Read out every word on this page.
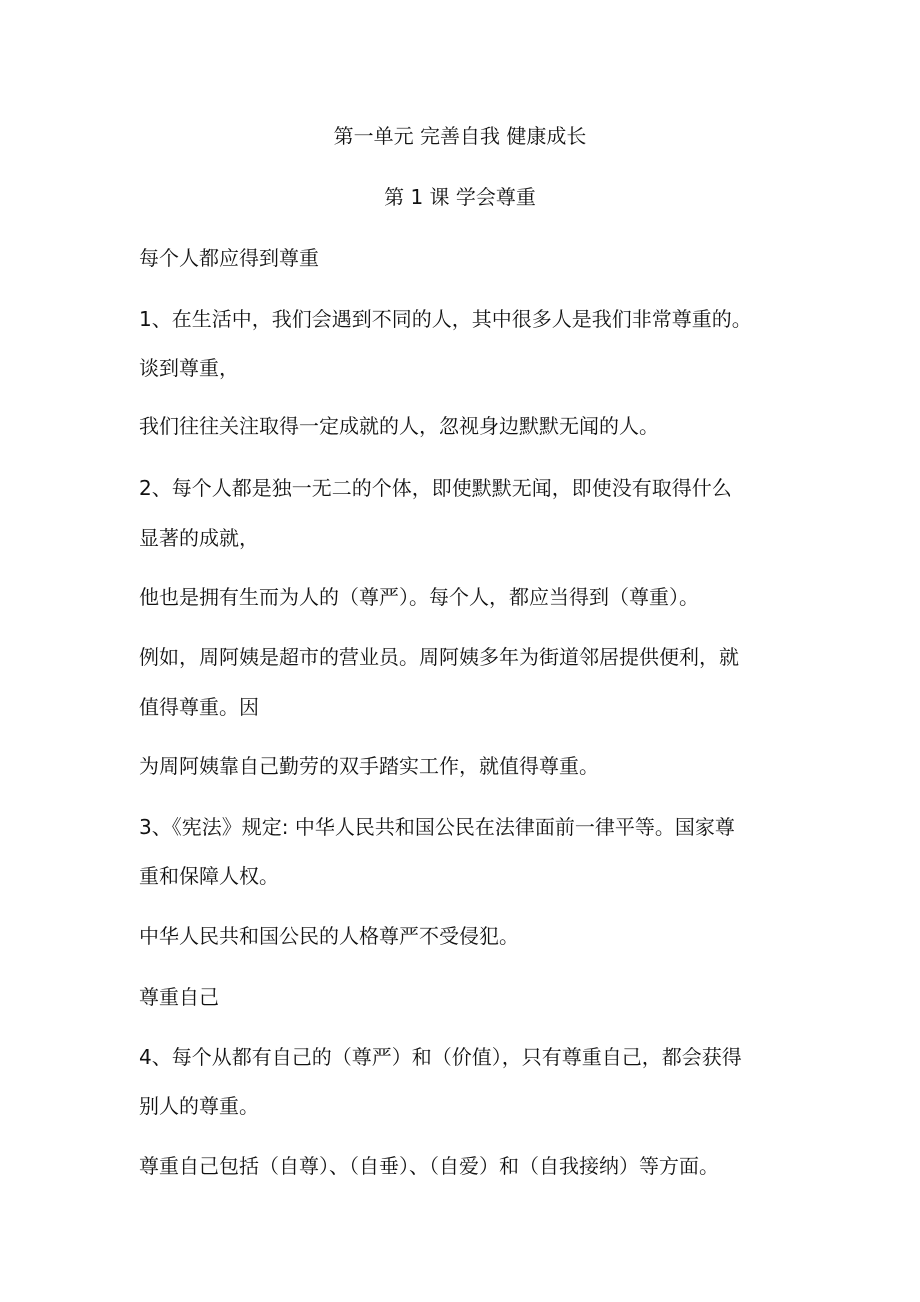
第一单元 完善自我 健康成长
第 1 课 学会尊重
每个人都应得到尊重
1、在生活中，我们会遇到不同的人，其中很多人是我们非常尊重的。
谈到尊重，
我们往往关注取得一定成就的人，忽视身边默默无闻的人。
2、每个人都是独一无二的个体，即使默默无闻，即使没有取得什么
显著的成就，
他也是拥有生而为人的（尊严）。每个人，都应当得到（尊重）。
例如，周阿姨是超市的营业员。周阿姨多年为街道邻居提供便利，就
值得尊重。因
为周阿姨靠自己勤劳的双手踏实工作，就值得尊重。
3、《宪法》规定: 中华人民共和国公民在法律面前一律平等。国家尊
重和保障人权。
中华人民共和国公民的人格尊严不受侵犯。
尊重自己
4、每个从都有自己的（尊严）和（价值），只有尊重自己，都会获得
别人的尊重。
尊重自己包括（自尊）、（自垂）、（自爱）和（自我接纳）等方面。
